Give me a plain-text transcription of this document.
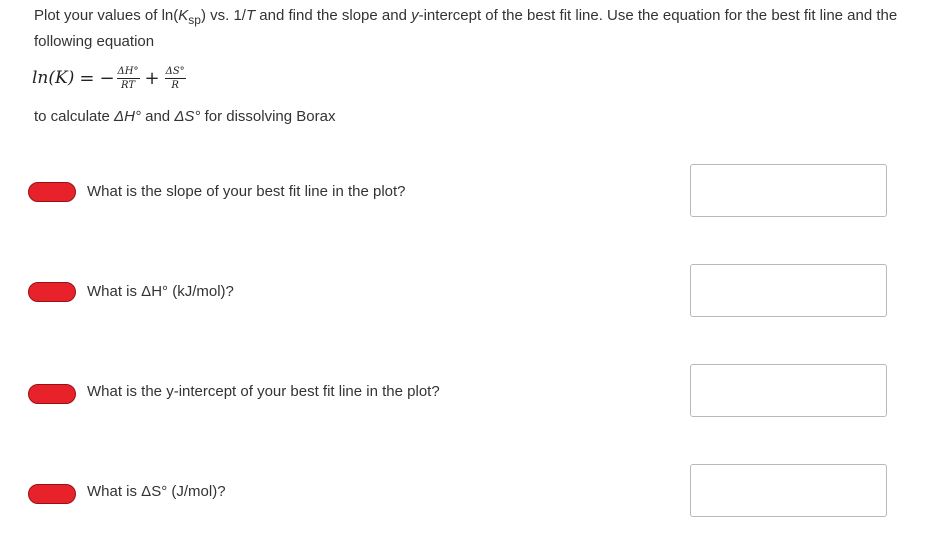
Plot your values of $\ln(K_{sp})$ vs. 1/T and find the slope and y-intercept of the best fit line. Use the equation for the best fit line and the following equation
ln(K) = − $\frac{\Delta H^\circ}{RT} + \frac{\Delta S^\circ}{R}$
to calculate ΔH° and ΔS° for dissolving Borax
What is the slope of your best fit line in the plot?
What is ΔH° (kJ/mol)?
What is the y-intercept of your best fit line in the plot?
What is ΔS° (J/mol)?
